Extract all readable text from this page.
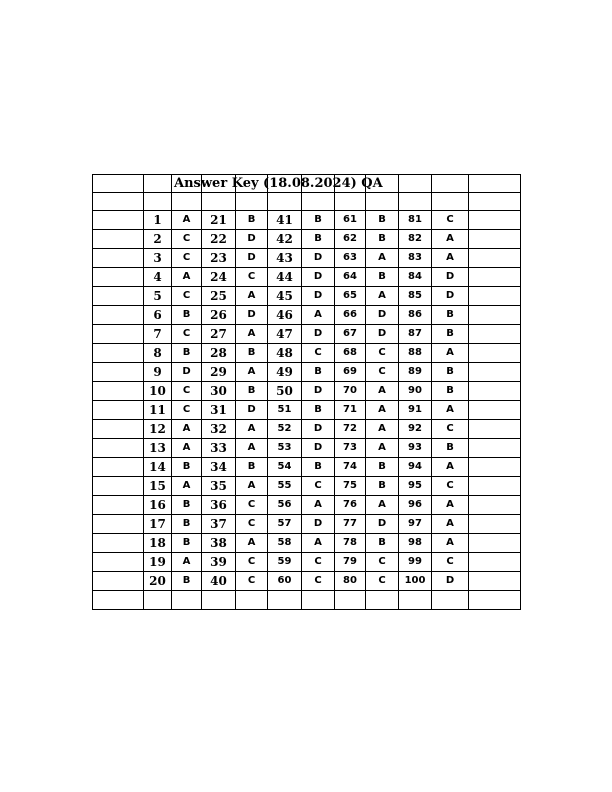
		Answer Key (18.08.2024) QA									

	1	A	21	B	41	B	61	B	81	C	
	2	C	22	D	42	B	62	B	82	A	
	3	C	23	D	43	D	63	A	83	A	
	4	A	24	C	44	D	64	B	84	D	
	5	C	25	A	45	D	65	A	85	D	
	6	B	26	D	46	A	66	D	86	B	
	7	C	27	A	47	D	67	D	87	B	
	8	B	28	B	48	C	68	C	88	A	
	9	D	29	A	49	B	69	C	89	B	
	10	C	30	B	50	D	70	A	90	B	
	11	C	31	D	51	B	71	A	91	A	
	12	A	32	A	52	D	72	A	92	C	
	13	A	33	A	53	D	73	A	93	B	
	14	B	34	B	54	B	74	B	94	A	
	15	A	35	A	55	C	75	B	95	C	
	16	B	36	C	56	A	76	A	96	A	
	17	B	37	C	57	D	77	D	97	A	
	18	B	38	A	58	A	78	B	98	A	
	19	A	39	C	59	C	79	C	99	C	
	20	B	40	C	60	C	80	C	100	D	
